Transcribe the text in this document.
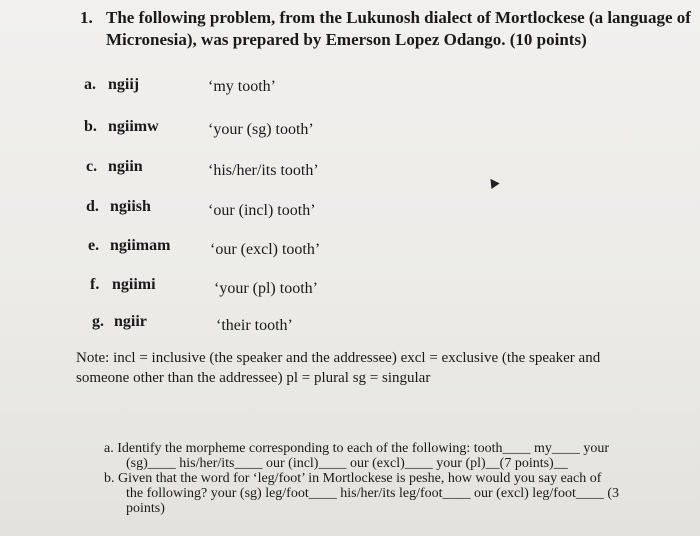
1. The following problem, from the Lukunosh dialect of Mortlockese (a language of
Micronesia), was prepared by Emerson Lopez Odango. (10 points)
a. ngiij	‘my tooth’
b. ngiimw	‘your (sg) tooth’
c. ngiin	‘his/her/its tooth’
d. ngiish	‘our (incl) tooth’
e. ngiimam ‘our (excl) tooth’
f. ngiimi	‘your (pl) tooth’
g. ngiir	‘their tooth’
Note: incl = inclusive (the speaker and the addressee) excl = exclusive (the speaker and
someone other than the addressee) pl = plural sg = singular
a. Identify the morpheme corresponding to each of the following: tooth____ my____ your
(sg)____ his/her/its____ our (incl)____ our (excl)____ your (pl)__(7 points)__
b. Given that the word for ‘leg/foot’ in Mortlockese is peshe, how would you say each of
the following? your (sg) leg/foot____ his/her/its leg/foot____ our (excl) leg/foot____ (3
points)
